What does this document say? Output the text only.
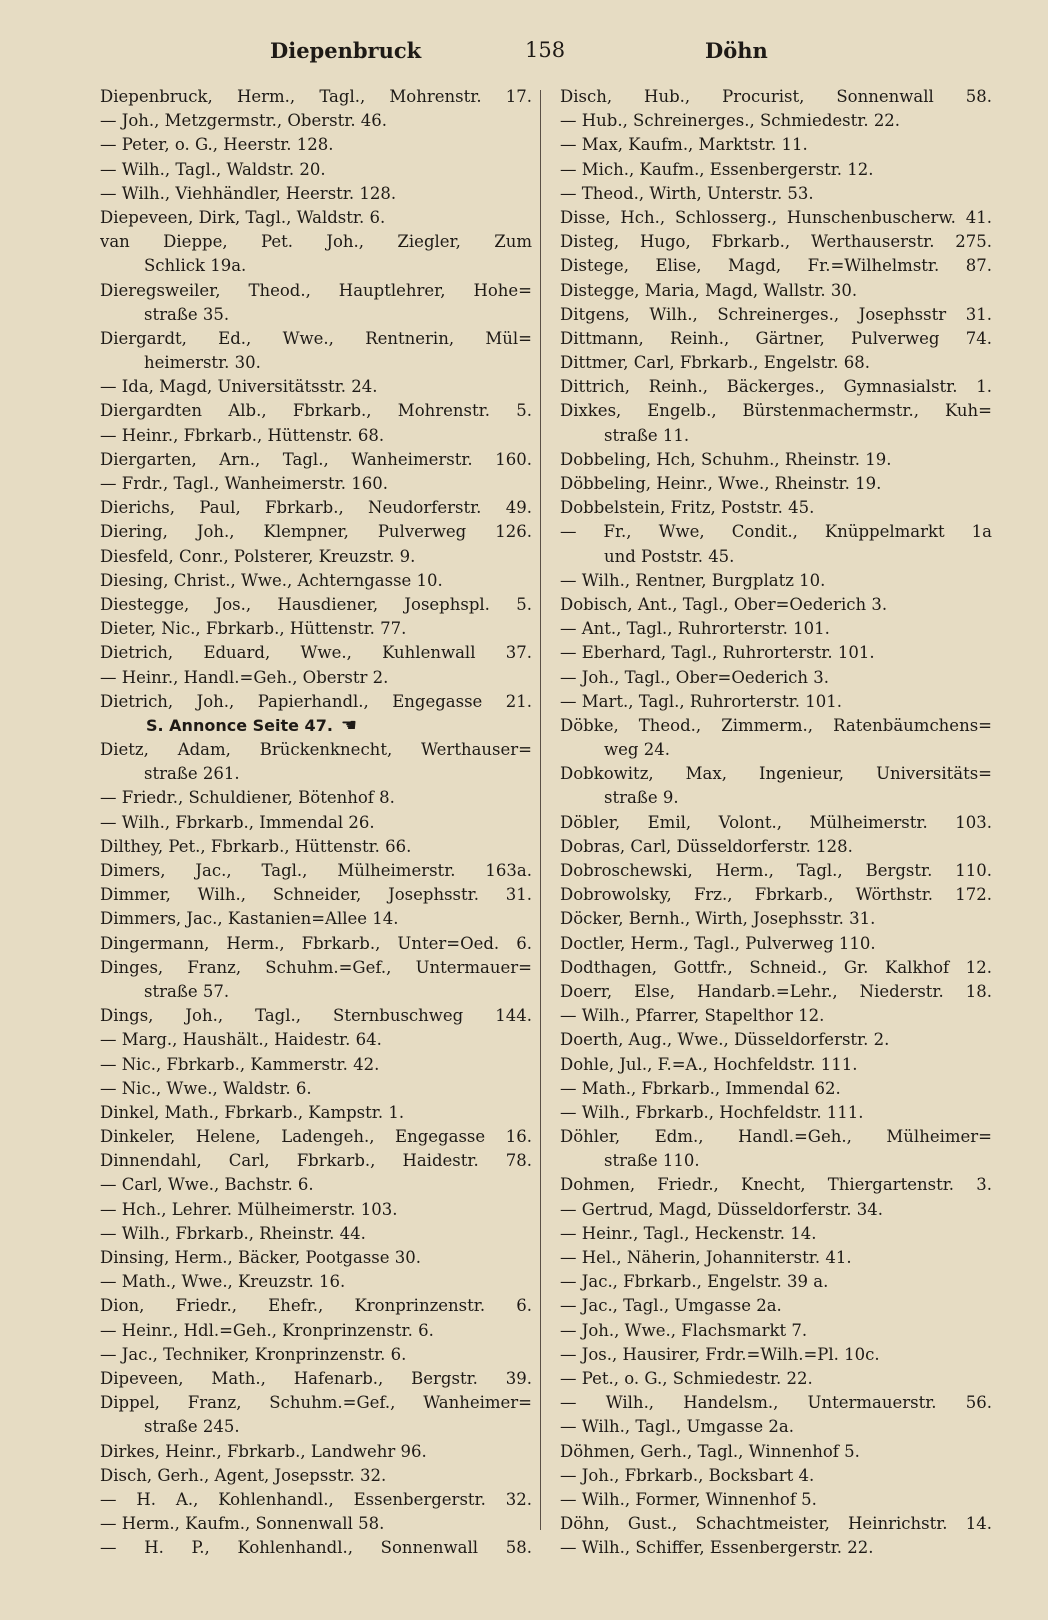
Diepenbruck	158	Döhn
Diepenbruck, Herm., Tagl., Mohrenstr. 17.
— Joh., Metzgermstr., Oberstr. 46.
— Peter, o. G., Heerstr. 128.
— Wilh., Tagl., Waldstr. 20.
— Wilh., Viehhändler, Heerstr. 128.
Diepeveen, Dirk, Tagl., Waldstr. 6.
van Dieppe, Pet. Joh., Ziegler, Zum
Schlick 19a.
Dieregsweiler, Theod., Hauptlehrer, Hohe=
straße 35.
Diergardt, Ed., Wwe., Rentnerin, Mül=
heimerstr. 30.
— Ida, Magd, Universitätsstr. 24.
Diergardten Alb., Fbrkarb., Mohrenstr. 5.
— Heinr., Fbrkarb., Hüttenstr. 68.
Diergarten, Arn., Tagl., Wanheimerstr. 160.
— Frdr., Tagl., Wanheimerstr. 160.
Dierichs, Paul, Fbrkarb., Neudorferstr. 49.
Diering, Joh., Klempner, Pulverweg 126.
Diesfeld, Conr., Polsterer, Kreuzstr. 9.
Diesing, Christ., Wwe., Achterngasse 10.
Diestegge, Jos., Hausdiener, Josephspl. 5.
Dieter, Nic., Fbrkarb., Hüttenstr. 77.
Dietrich, Eduard, Wwe., Kuhlenwall 37.
— Heinr., Handl.=Geh., Oberstr 2.
Dietrich, Joh., Papierhandl., Engegasse 21.
S. Annonce Seite 47. ☚
Dietz, Adam, Brückenknecht, Werthauser=
straße 261.
— Friedr., Schuldiener, Bötenhof 8.
— Wilh., Fbrkarb., Immendal 26.
Dilthey, Pet., Fbrkarb., Hüttenstr. 66.
Dimers, Jac., Tagl., Mülheimerstr. 163a.
Dimmer, Wilh., Schneider, Josephsstr. 31.
Dimmers, Jac., Kastanien=Allee 14.
Dingermann, Herm., Fbrkarb., Unter=Oed. 6.
Dinges, Franz, Schuhm.=Gef., Untermauer=
straße 57.
Dings, Joh., Tagl., Sternbuschweg 144.
— Marg., Haushält., Haidestr. 64.
— Nic., Fbrkarb., Kammerstr. 42.
— Nic., Wwe., Waldstr. 6.
Dinkel, Math., Fbrkarb., Kampstr. 1.
Dinkeler, Helene, Ladengeh., Engegasse 16.
Dinnendahl, Carl, Fbrkarb., Haidestr. 78.
— Carl, Wwe., Bachstr. 6.
— Hch., Lehrer. Mülheimerstr. 103.
— Wilh., Fbrkarb., Rheinstr. 44.
Dinsing, Herm., Bäcker, Pootgasse 30.
— Math., Wwe., Kreuzstr. 16.
Dion, Friedr., Ehefr., Kronprinzenstr. 6.
— Heinr., Hdl.=Geh., Kronprinzenstr. 6.
— Jac., Techniker, Kronprinzenstr. 6.
Dipeveen, Math., Hafenarb., Bergstr. 39.
Dippel, Franz, Schuhm.=Gef., Wanheimer=
straße 245.
Dirkes, Heinr., Fbrkarb., Landwehr 96.
Disch, Gerh., Agent, Josepsstr. 32.
— H. A., Kohlenhandl., Essenbergerstr. 32.
— Herm., Kaufm., Sonnenwall 58.
— H. P., Kohlenhandl., Sonnenwall 58.
Disch, Hub., Procurist, Sonnenwall 58.
— Hub., Schreinerges., Schmiedestr. 22.
— Max, Kaufm., Marktstr. 11.
— Mich., Kaufm., Essenbergerstr. 12.
— Theod., Wirth, Unterstr. 53.
Disse, Hch., Schlosserg., Hunschenbuscherw. 41.
Disteg, Hugo, Fbrkarb., Werthauserstr. 275.
Distege, Elise, Magd, Fr.=Wilhelmstr. 87.
Distegge, Maria, Magd, Wallstr. 30.
Ditgens, Wilh., Schreinerges., Josephsstr 31.
Dittmann, Reinh., Gärtner, Pulverweg 74.
Dittmer, Carl, Fbrkarb., Engelstr. 68.
Dittrich, Reinh., Bäckerges., Gymnasialstr. 1.
Dixkes, Engelb., Bürstenmachermstr., Kuh=
straße 11.
Dobbeling, Hch, Schuhm., Rheinstr. 19.
Döbbeling, Heinr., Wwe., Rheinstr. 19.
Dobbelstein, Fritz, Poststr. 45.
— Fr., Wwe, Condit., Knüppelmarkt 1a
und Poststr. 45.
— Wilh., Rentner, Burgplatz 10.
Dobisch, Ant., Tagl., Ober=Oederich 3.
— Ant., Tagl., Ruhrorterstr. 101.
— Eberhard, Tagl., Ruhrorterstr. 101.
— Joh., Tagl., Ober=Oederich 3.
— Mart., Tagl., Ruhrorterstr. 101.
Döbke, Theod., Zimmerm., Ratenbäumchens=
weg 24.
Dobkowitz, Max, Ingenieur, Universitäts=
straße 9.
Döbler, Emil, Volont., Mülheimerstr. 103.
Dobras, Carl, Düsseldorferstr. 128.
Dobroschewski, Herm., Tagl., Bergstr. 110.
Dobrowolsky, Frz., Fbrkarb., Wörthstr. 172.
Döcker, Bernh., Wirth, Josephsstr. 31.
Doctler, Herm., Tagl., Pulverweg 110.
Dodthagen, Gottfr., Schneid., Gr. Kalkhof 12.
Doerr, Else, Handarb.=Lehr., Niederstr. 18.
— Wilh., Pfarrer, Stapelthor 12.
Doerth, Aug., Wwe., Düsseldorferstr. 2.
Dohle, Jul., F.=A., Hochfeldstr. 111.
— Math., Fbrkarb., Immendal 62.
— Wilh., Fbrkarb., Hochfeldstr. 111.
Döhler, Edm., Handl.=Geh., Mülheimer=
straße 110.
Dohmen, Friedr., Knecht, Thiergartenstr. 3.
— Gertrud, Magd, Düsseldorferstr. 34.
— Heinr., Tagl., Heckenstr. 14.
— Hel., Näherin, Johanniterstr. 41.
— Jac., Fbrkarb., Engelstr. 39 a.
— Jac., Tagl., Umgasse 2a.
— Joh., Wwe., Flachsmarkt 7.
— Jos., Hausirer, Frdr.=Wilh.=Pl. 10c.
— Pet., o. G., Schmiedestr. 22.
— Wilh., Handelsm., Untermauerstr. 56.
— Wilh., Tagl., Umgasse 2a.
Döhmen, Gerh., Tagl., Winnenhof 5.
— Joh., Fbrkarb., Bocksbart 4.
— Wilh., Former, Winnenhof 5.
Döhn, Gust., Schachtmeister, Heinrichstr. 14.
— Wilh., Schiffer, Essenbergerstr. 22.
